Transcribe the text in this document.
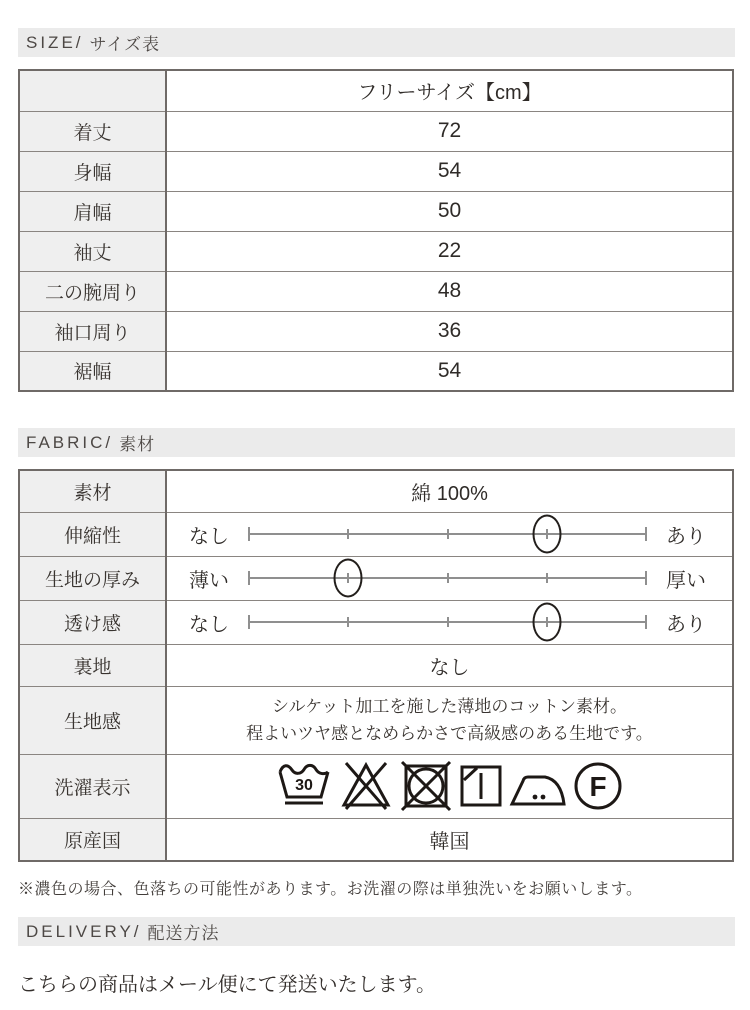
SIZE/ サイズ表
	フリーサイズ【cm】
着丈	72
身幅	54
肩幅	50
袖丈	22
二の腕周り	48
袖口周り	36
裾幅	54
FABRIC/ 素材
素材	綿 100%
伸縮性	なし あり

生地の厚み	薄い 厚い

透け感	なし あり

裏地	なし
生地感	シルケット加工を施した薄地のコットン素材。
程よいツヤ感となめらかさで高級感のある生地です。

洗濯表示	30 F

原産国	韓国
※濃色の場合、色落ちの可能性があります。お洗濯の際は単独洗いをお願いします。
DELIVERY/ 配送方法
こちらの商品はメール便にて発送いたします。
